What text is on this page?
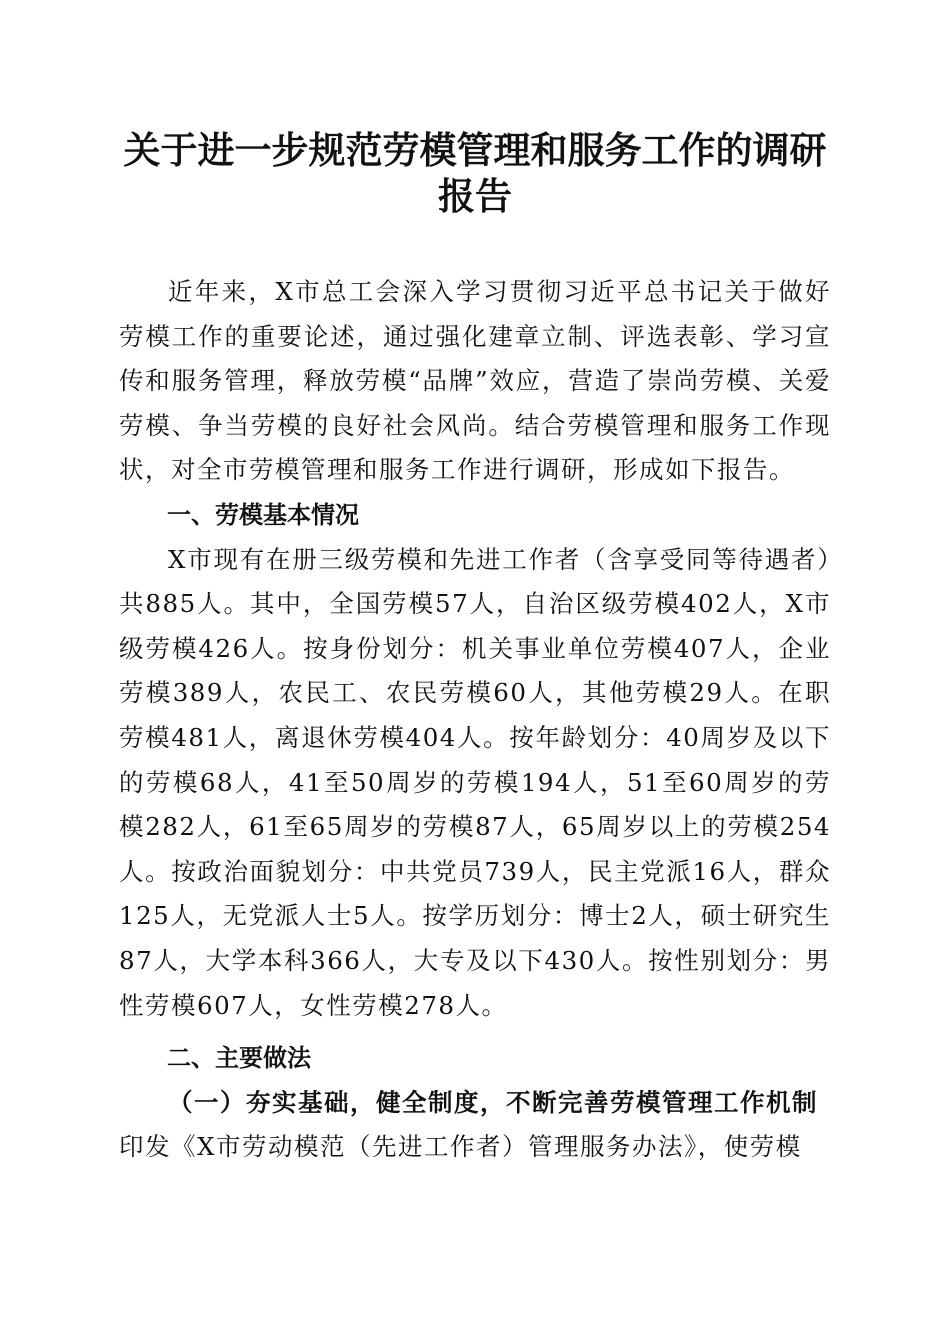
关于进一步规范劳模管理和服务工作的调研报告

近年来，X市总工会深入学习贯彻习近平总书记关于做好劳模工作的重要论述，通过强化建章立制、评选表彰、学习宣传和服务管理，释放劳模“品牌”效应，营造了崇尚劳模、关爱劳模、争当劳模的良好社会风尚。结合劳模管理和服务工作现状，对全市劳模管理和服务工作进行调研，形成如下报告。

一、劳模基本情况

X市现有在册三级劳模和先进工作者（含享受同等待遇者）共885人。其中，全国劳模57人，自治区级劳模402人，X市级劳模426人。按身份划分：机关事业单位劳模407人，企业劳模389人，农民工、农民劳模60人，其他劳模29人。在职劳模481人，离退休劳模404人。按年龄划分：40周岁及以下的劳模68人，41至50周岁的劳模194人，51至60周岁的劳模282人，61至65周岁的劳模87人，65周岁以上的劳模254人。按政治面貌划分：中共党员739人，民主党派16人，群众125人，无党派人士5人。按学历划分：博士2人，硕士研究生87人，大学本科366人，大专及以下430人。按性别划分：男性劳模607人，女性劳模278人。

二、主要做法

（一）夯实基础，健全制度，不断完善劳模管理工作机制

印发《X市劳动模范（先进工作者）管理服务办法》，使劳模
